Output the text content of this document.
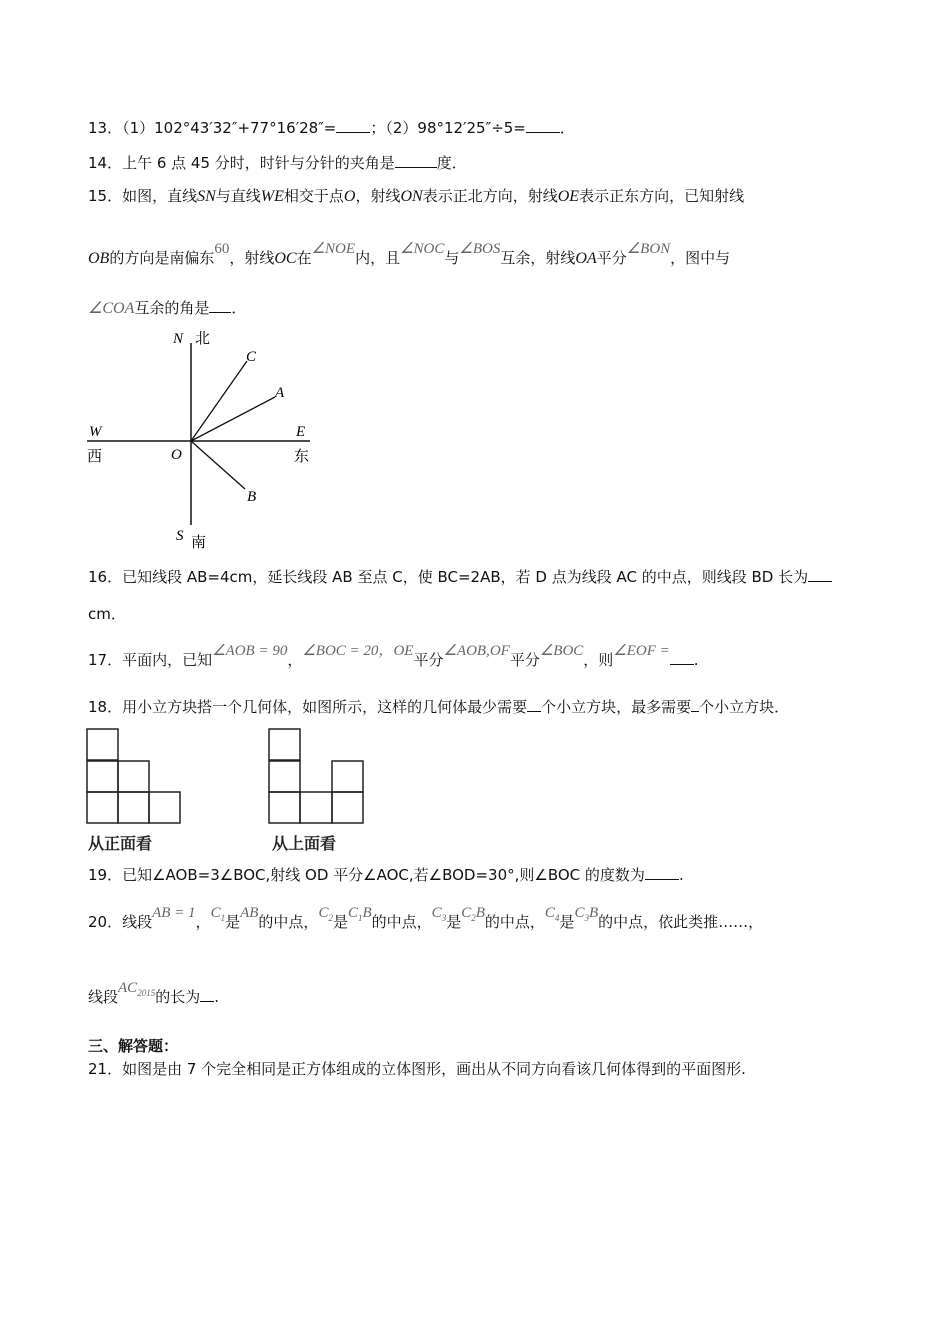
13．（1）102°43′32″+77°16′28″= ；（2）98°12′25″÷5= ．
14．上午 6 点 45 分时，时针与分针的夹角是	度．
15．如图，直线SN与直线WE相交于点O，射线ON表示正北方向，射线OE表示正东方向，已知射线
OB的方向是南偏东60，射线OC在∠NOE内，且∠NOC与∠BOS互余，射线OA平分∠BON，图中与
∠COA互余的角是 ．
N 北
C
A
W
西	O
E
东
B
S 南
16．已知线段 AB=4cm，延长线段 AB 至点 C，使 BC=2AB，若 D 点为线段 AC 的中点，则线段 BD 长为
cm．
17．平面内，已知∠AOB = 90，∠BOC = 20，OE平分∠AOB,OF平分∠BOC，则∠EOF = .
18．用小立方块搭一个几何体，如图所示，这样的几何体最少需要 个小立方块，最多需要 个小立方块．
从正面看	从上面看
19．已知∠AOB=3∠BOC,射线 OD 平分∠AOC,若∠BOD=30°,则∠BOC 的度数为 .
20．线段AB = 1，$C_1$是AB的中点，$C_2$是$C_1B$的中点，$C_3$是$C_2B$的中点，$C_4$是$C_3B$的中点，依此类推……，
线段$AC_{2015}$的长为 .
三、解答题：
21．如图是由 7 个完全相同是正方体组成的立体图形，画出从不同方向看该几何体得到的平面图形.
